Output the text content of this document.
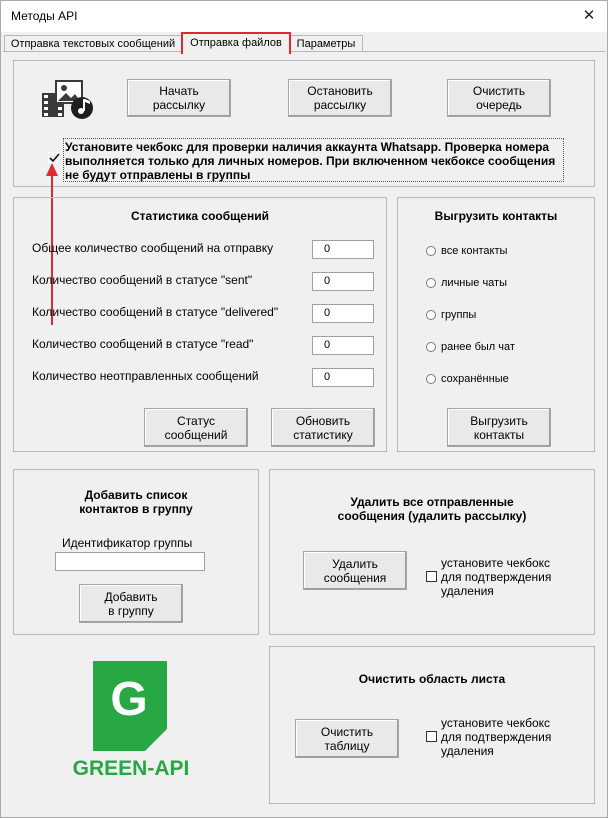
Методы API	✕
Отправка текстовых сообщений	Отправка файлов	Параметры
Начать
рассылку
Остановить
рассылку
Очистить
очередь
Установите чекбокс для проверки наличия аккаунта Whatsapp. Проверка номера выполняется только для личных номеров. При включенном чекбоксе сообщения не будут отправлены в группы
Статистика сообщений
Общее количество сообщений на отправку	0
Количество сообщений в статусе "sent"	0
Количество сообщений в статусе "delivered"	0
Количество сообщений в статусе "read"	0
Количество неотправленных сообщений	0
Статус
сообщений
Обновить
статистику
Выгрузить контакты
все контакты
личные чаты
группы
ранее был чат
сохранённые
Выгрузить
контакты
Добавить список
контактов в группу
Идентификатор группы
Добавить
в группу
Удалить все отправленные
сообщения (удалить рассылку)
Удалить
сообщения
установите чекбокс
для подтверждения
удаления
G
GREEN-API
Очистить область листа
Очистить
таблицу
установите чекбокс
для подтверждения
удаления
